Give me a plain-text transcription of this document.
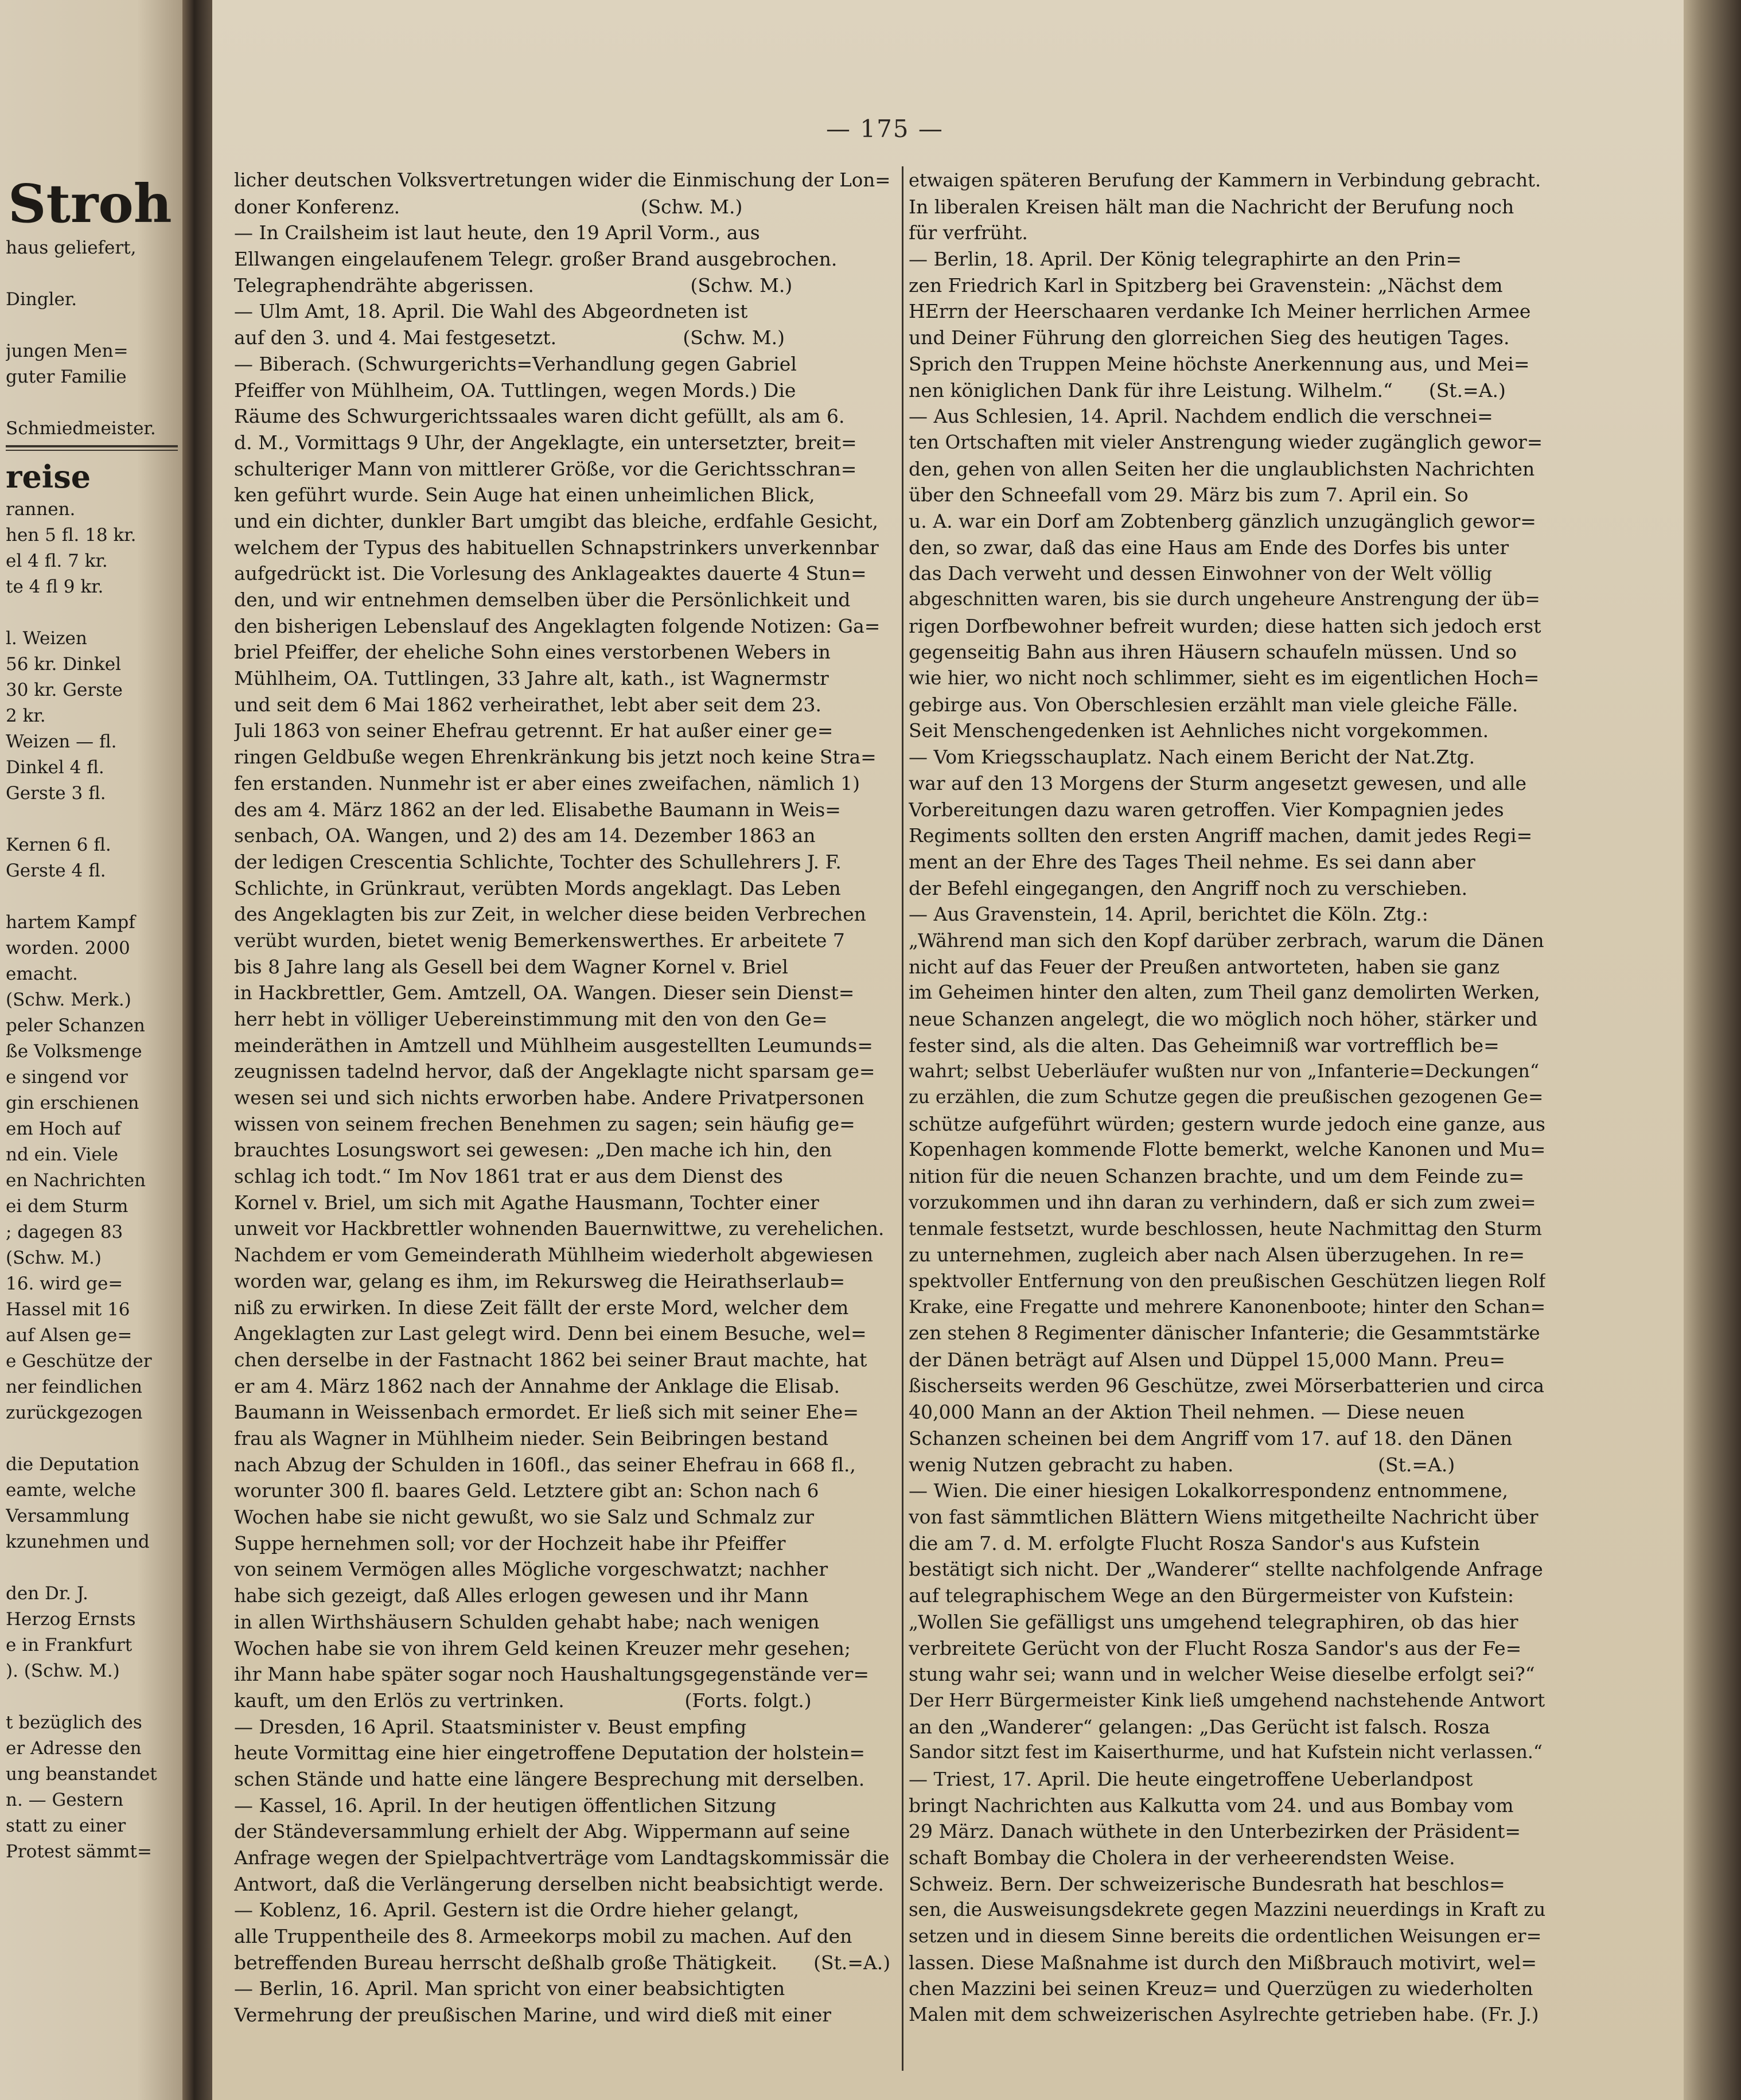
Stroh
haus geliefert,
Dingler.
jungen Men=
guter Familie
Schmiedmeister.
reise
rannen.
hen 5 fl. 18 kr.
el 4 fl. 7 kr.
te 4 fl 9 kr.
l. Weizen
56 kr. Dinkel
30 kr. Gerste
2 kr.
Weizen — fl.
Dinkel 4 fl.
Gerste 3 fl.
Kernen 6 fl.
Gerste 4 fl.
hartem Kampf
worden. 2000
emacht.
(Schw. Merk.)
peler Schanzen
ße Volksmenge
e singend vor
gin erschienen
em Hoch auf
nd ein. Viele
en Nachrichten
ei dem Sturm
; dagegen 83
(Schw. M.)
16. wird ge=
Hassel mit 16
auf Alsen ge=
e Geschütze der
ner feindlichen
zurückgezogen
die Deputation
eamte, welche
Versammlung
kzunehmen und
den Dr. J.
Herzog Ernsts
e in Frankfurt
). (Schw. M.)
t bezüglich des
er Adresse den
ung beanstandet
n. — Gestern
statt zu einer
Protest sämmt=
— 175 —
licher deutschen Volksvertretungen wider die Einmischung der Lon=
doner Konferenz.                                        (Schw. M.)
— In Crailsheim ist laut heute, den 19 April Vorm., aus
Ellwangen eingelaufenem Telegr. großer Brand ausgebrochen.
Telegraphendrähte abgerissen.                          (Schw. M.)
— Ulm Amt, 18. April. Die Wahl des Abgeordneten ist
auf den 3. und 4. Mai festgesetzt.                     (Schw. M.)
— Biberach. (Schwurgerichts=Verhandlung gegen Gabriel
Pfeiffer von Mühlheim, OA. Tuttlingen, wegen Mords.) Die
Räume des Schwurgerichtssaales waren dicht gefüllt, als am 6.
d. M., Vormittags 9 Uhr, der Angeklagte, ein untersetzter, breit=
schulteriger Mann von mittlerer Größe, vor die Gerichtsschran=
ken geführt wurde. Sein Auge hat einen unheimlichen Blick,
und ein dichter, dunkler Bart umgibt das bleiche, erdfahle Gesicht,
welchem der Typus des habituellen Schnapstrinkers unverkennbar
aufgedrückt ist. Die Vorlesung des Anklageaktes dauerte 4 Stun=
den, und wir entnehmen demselben über die Persönlichkeit und
den bisherigen Lebenslauf des Angeklagten folgende Notizen: Ga=
briel Pfeiffer, der eheliche Sohn eines verstorbenen Webers in
Mühlheim, OA. Tuttlingen, 33 Jahre alt, kath., ist Wagnermstr
und seit dem 6 Mai 1862 verheirathet, lebt aber seit dem 23.
Juli 1863 von seiner Ehefrau getrennt. Er hat außer einer ge=
ringen Geldbuße wegen Ehrenkränkung bis jetzt noch keine Stra=
fen erstanden. Nunmehr ist er aber eines zweifachen, nämlich 1)
des am 4. März 1862 an der led. Elisabethe Baumann in Weis=
senbach, OA. Wangen, und 2) des am 14. Dezember 1863 an
der ledigen Crescentia Schlichte, Tochter des Schullehrers J. F.
Schlichte, in Grünkraut, verübten Mords angeklagt. Das Leben
des Angeklagten bis zur Zeit, in welcher diese beiden Verbrechen
verübt wurden, bietet wenig Bemerkenswerthes. Er arbeitete 7
bis 8 Jahre lang als Gesell bei dem Wagner Kornel v. Briel
in Hackbrettler, Gem. Amtzell, OA. Wangen. Dieser sein Dienst=
herr hebt in völliger Uebereinstimmung mit den von den Ge=
meinderäthen in Amtzell und Mühlheim ausgestellten Leumunds=
zeugnissen tadelnd hervor, daß der Angeklagte nicht sparsam ge=
wesen sei und sich nichts erworben habe. Andere Privatpersonen
wissen von seinem frechen Benehmen zu sagen; sein häufig ge=
brauchtes Losungswort sei gewesen: „Den mache ich hin, den
schlag ich todt.“ Im Nov 1861 trat er aus dem Dienst des
Kornel v. Briel, um sich mit Agathe Hausmann, Tochter einer
unweit vor Hackbrettler wohnenden Bauernwittwe, zu verehelichen.
Nachdem er vom Gemeinderath Mühlheim wiederholt abgewiesen
worden war, gelang es ihm, im Rekursweg die Heirathserlaub=
niß zu erwirken. In diese Zeit fällt der erste Mord, welcher dem
Angeklagten zur Last gelegt wird. Denn bei einem Besuche, wel=
chen derselbe in der Fastnacht 1862 bei seiner Braut machte, hat
er am 4. März 1862 nach der Annahme der Anklage die Elisab.
Baumann in Weissenbach ermordet. Er ließ sich mit seiner Ehe=
frau als Wagner in Mühlheim nieder. Sein Beibringen bestand
nach Abzug der Schulden in 160fl., das seiner Ehefrau in 668 fl.,
worunter 300 fl. baares Geld. Letztere gibt an: Schon nach 6
Wochen habe sie nicht gewußt, wo sie Salz und Schmalz zur
Suppe hernehmen soll; vor der Hochzeit habe ihr Pfeiffer
von seinem Vermögen alles Mögliche vorgeschwatzt; nachher
habe sich gezeigt, daß Alles erlogen gewesen und ihr Mann
in allen Wirthshäusern Schulden gehabt habe; nach wenigen
Wochen habe sie von ihrem Geld keinen Kreuzer mehr gesehen;
ihr Mann habe später sogar noch Haushaltungsgegenstände ver=
kauft, um den Erlös zu vertrinken.                    (Forts. folgt.)
— Dresden, 16 April. Staatsminister v. Beust empfing
heute Vormittag eine hier eingetroffene Deputation der holstein=
schen Stände und hatte eine längere Besprechung mit derselben.
— Kassel, 16. April. In der heutigen öffentlichen Sitzung
der Ständeversammlung erhielt der Abg. Wippermann auf seine
Anfrage wegen der Spielpachtverträge vom Landtagskommissär die
Antwort, daß die Verlängerung derselben nicht beabsichtigt werde.
— Koblenz, 16. April. Gestern ist die Ordre hieher gelangt,
alle Truppentheile des 8. Armeekorps mobil zu machen. Auf den
betreffenden Bureau herrscht deßhalb große Thätigkeit.      (St.=A.)
— Berlin, 16. April. Man spricht von einer beabsichtigten
Vermehrung der preußischen Marine, und wird dieß mit einer
etwaigen späteren Berufung der Kammern in Verbindung gebracht.
In liberalen Kreisen hält man die Nachricht der Berufung noch
für verfrüht.
— Berlin, 18. April. Der König telegraphirte an den Prin=
zen Friedrich Karl in Spitzberg bei Gravenstein: „Nächst dem
HErrn der Heerschaaren verdanke Ich Meiner herrlichen Armee
und Deiner Führung den glorreichen Sieg des heutigen Tages.
Sprich den Truppen Meine höchste Anerkennung aus, und Mei=
nen königlichen Dank für ihre Leistung. Wilhelm.“      (St.=A.)
— Aus Schlesien, 14. April. Nachdem endlich die verschnei=
ten Ortschaften mit vieler Anstrengung wieder zugänglich gewor=
den, gehen von allen Seiten her die unglaublichsten Nachrichten
über den Schneefall vom 29. März bis zum 7. April ein. So
u. A. war ein Dorf am Zobtenberg gänzlich unzugänglich gewor=
den, so zwar, daß das eine Haus am Ende des Dorfes bis unter
das Dach verweht und dessen Einwohner von der Welt völlig
abgeschnitten waren, bis sie durch ungeheure Anstrengung der üb=
rigen Dorfbewohner befreit wurden; diese hatten sich jedoch erst
gegenseitig Bahn aus ihren Häusern schaufeln müssen. Und so
wie hier, wo nicht noch schlimmer, sieht es im eigentlichen Hoch=
gebirge aus. Von Oberschlesien erzählt man viele gleiche Fälle.
Seit Menschengedenken ist Aehnliches nicht vorgekommen.
— Vom Kriegsschauplatz. Nach einem Bericht der Nat.Ztg.
war auf den 13 Morgens der Sturm angesetzt gewesen, und alle
Vorbereitungen dazu waren getroffen. Vier Kompagnien jedes
Regiments sollten den ersten Angriff machen, damit jedes Regi=
ment an der Ehre des Tages Theil nehme. Es sei dann aber
der Befehl eingegangen, den Angriff noch zu verschieben.
— Aus Gravenstein, 14. April, berichtet die Köln. Ztg.:
„Während man sich den Kopf darüber zerbrach, warum die Dänen
nicht auf das Feuer der Preußen antworteten, haben sie ganz
im Geheimen hinter den alten, zum Theil ganz demolirten Werken,
neue Schanzen angelegt, die wo möglich noch höher, stärker und
fester sind, als die alten. Das Geheimniß war vortrefflich be=
wahrt; selbst Ueberläufer wußten nur von „Infanterie=Deckungen“
zu erzählen, die zum Schutze gegen die preußischen gezogenen Ge=
schütze aufgeführt würden; gestern wurde jedoch eine ganze, aus
Kopenhagen kommende Flotte bemerkt, welche Kanonen und Mu=
nition für die neuen Schanzen brachte, und um dem Feinde zu=
vorzukommen und ihn daran zu verhindern, daß er sich zum zwei=
tenmale festsetzt, wurde beschlossen, heute Nachmittag den Sturm
zu unternehmen, zugleich aber nach Alsen überzugehen. In re=
spektvoller Entfernung von den preußischen Geschützen liegen Rolf
Krake, eine Fregatte und mehrere Kanonenboote; hinter den Schan=
zen stehen 8 Regimenter dänischer Infanterie; die Gesammtstärke
der Dänen beträgt auf Alsen und Düppel 15,000 Mann. Preu=
ßischerseits werden 96 Geschütze, zwei Mörserbatterien und circa
40,000 Mann an der Aktion Theil nehmen. — Diese neuen
Schanzen scheinen bei dem Angriff vom 17. auf 18. den Dänen
wenig Nutzen gebracht zu haben.                        (St.=A.)
— Wien. Die einer hiesigen Lokalkorrespondenz entnommene,
von fast sämmtlichen Blättern Wiens mitgetheilte Nachricht über
die am 7. d. M. erfolgte Flucht Rosza Sandor's aus Kufstein
bestätigt sich nicht. Der „Wanderer“ stellte nachfolgende Anfrage
auf telegraphischem Wege an den Bürgermeister von Kufstein:
„Wollen Sie gefälligst uns umgehend telegraphiren, ob das hier
verbreitete Gerücht von der Flucht Rosza Sandor's aus der Fe=
stung wahr sei; wann und in welcher Weise dieselbe erfolgt sei?“
Der Herr Bürgermeister Kink ließ umgehend nachstehende Antwort
an den „Wanderer“ gelangen: „Das Gerücht ist falsch. Rosza
Sandor sitzt fest im Kaiserthurme, und hat Kufstein nicht verlassen.“
— Triest, 17. April. Die heute eingetroffene Ueberlandpost
bringt Nachrichten aus Kalkutta vom 24. und aus Bombay vom
29 März. Danach wüthete in den Unterbezirken der Präsident=
schaft Bombay die Cholera in der verheerendsten Weise.
Schweiz. Bern. Der schweizerische Bundesrath hat beschlos=
sen, die Ausweisungsdekrete gegen Mazzini neuerdings in Kraft zu
setzen und in diesem Sinne bereits die ordentlichen Weisungen er=
lassen. Diese Maßnahme ist durch den Mißbrauch motivirt, wel=
chen Mazzini bei seinen Kreuz= und Querzügen zu wiederholten
Malen mit dem schweizerischen Asylrechte getrieben habe. (Fr. J.)
